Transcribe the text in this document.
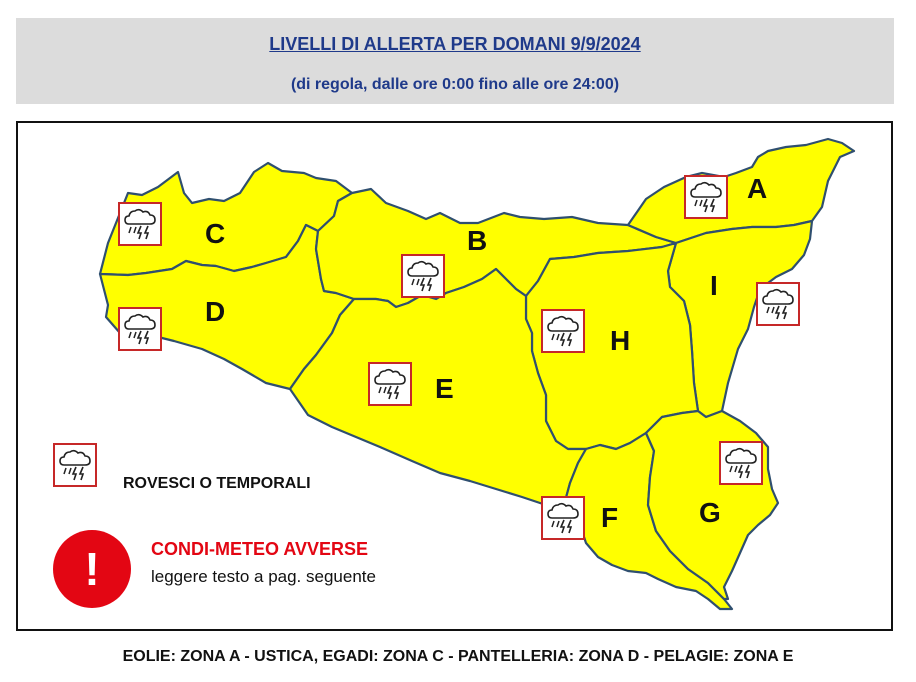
LIVELLI DI ALLERTA PER DOMANI 9/9/2024
(di regola, dalle ore 0:00 fino alle ore 24:00)
A
B
C
D
E
F	G
H
I
ROVESCI O TEMPORALI
!	CONDI-METEO AVVERSE
leggere testo a pag. seguente
EOLIE: ZONA A - USTICA, EGADI: ZONA C - PANTELLERIA: ZONA D - PELAGIE: ZONA E
